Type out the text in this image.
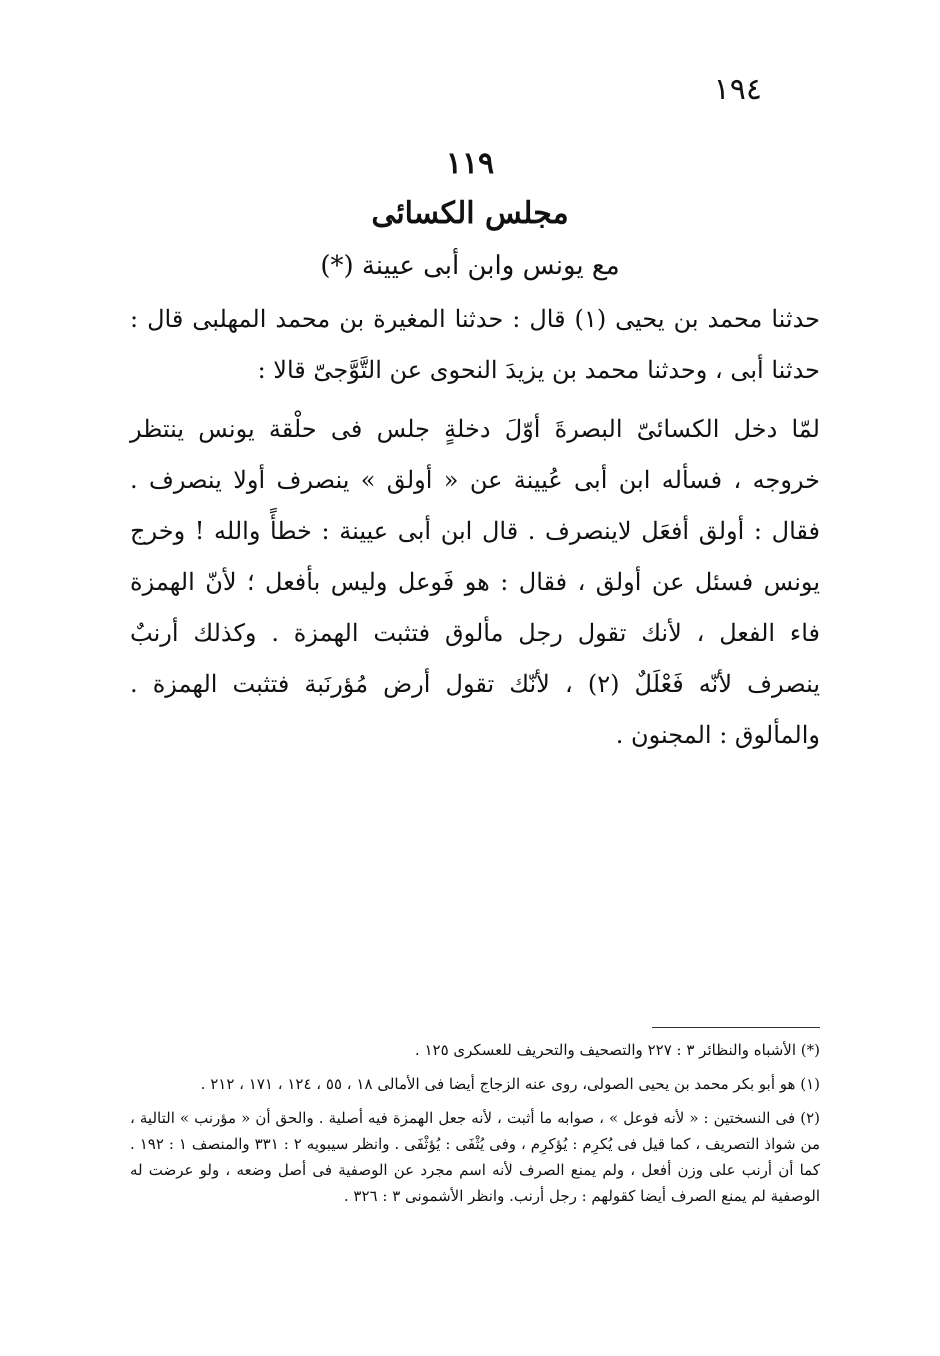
١٩٤
١١٩
مجلس الكسائى
مع يونس وابن أبى عيينة (*)
حدثنا محمد بن يحيى (١) قال : حدثنا المغيرة بن محمد المهلبى قال : حدثنا أبى ، وحدثنا محمد بن يزيدَ النحوى عن التَّوَّجىّ قالا :
لمّا دخل الكسائىّ البصرةَ أوّلَ دخلةٍ جلس فى حلْقة يونس ينتظر خروجه ، فسأله ابن أبى عُيينة عن « أولق » ينصرف أولا ينصرف . فقال : أولق أفعَل لاينصرف . قال ابن أبى عيينة : خطأً والله ! وخرج يونس فسئل عن أولق ، فقال : هو فَوعل وليس بأفعل ؛ لأنّ الهمزة فاء الفعل ، لأنك تقول رجل مألوق فتثبت الهمزة . وكذلك أرنبٌ ينصرف لأنّه فَعْلَلٌ (٢) ، لأنّك تقول أرض مُؤرنَبة فتثبت الهمزة . والمألوق : المجنون .

(*) الأشباه والنظائر ٣ : ٢٢٧ والتصحيف والتحريف للعسكرى ١٢٥ .

(١) هو أبو بكر محمد بن يحيى الصولى، روى عنه الزجاج أيضا فى الأمالى ١٨ ، ٥٥ ، ١٢٤ ، ١٧١ ، ٢١٢ .

(٢) فى النسختين : « لأنه فوعل » ، صوابه ما أثبت ، لأنه جعل الهمزة فيه أصلية . والحق أن « مؤرنب » التالية ، من شواذ التصريف ، كما قيل فى يُكرِم : يُؤكرِم ، وفى يُثْفَى : يُؤثْفَى . وانظر سيبويه ٢ : ٣٣١ والمنصف ١ : ١٩٢ . كما أن أرنب على وزن أفعل ، ولم يمنع الصرف لأنه اسم مجرد عن الوصفية فى أصل وضعه ، ولو عرضت له الوصفية لم يمنع الصرف أيضا كقولهم : رجل أرنب. وانظر الأشمونى ٣ : ٣٢٦ .
